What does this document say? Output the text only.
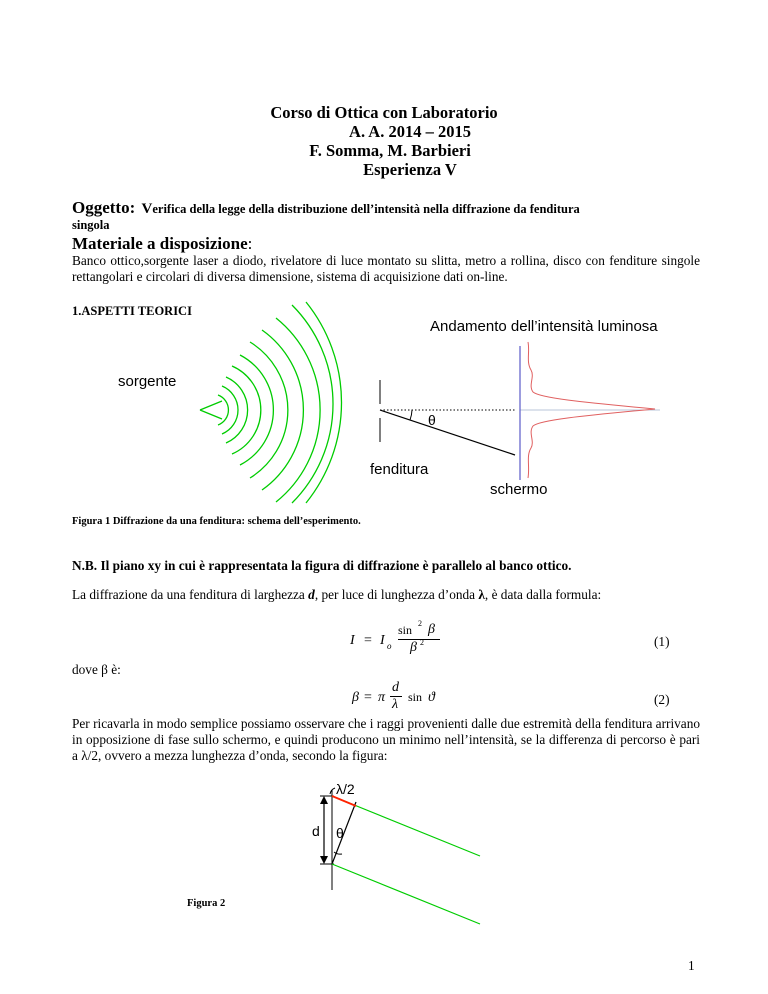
Corso di Ottica con Laboratorio
A. A. 2014 – 2015
F. Somma, M. Barbieri
Esperienza V
Oggetto: Verifica della legge della distribuzione dell’intensità nella diffrazione da fenditura
singola
Materiale a disposizione:
Banco ottico,sorgente laser a diodo, rivelatore di luce montato su slitta, metro a rollina, disco con fenditure singole rettangolari e circolari di diversa dimensione, sistema di acquisizione dati on-line.
1.ASPETTI TEORICI
Andamento dell’intensità luminosa
sorgente
θ
fenditura
schermo
Figura 1 Diffrazione da una fenditura: schema dell’esperimento.
N.B. Il piano xy in cui è rappresentata la figura di diffrazione è parallelo al banco ottico.
La diffrazione da una fenditura di larghezza d, per luce di lunghezza d’onda λ, è data dalla formula:
I = I o
sin 2 β
β 2	(1)
dove β è:
β = π
d
λ sin ϑ	(2)
Per ricavarla in modo semplice possiamo osservare che i raggi provenienti dalle due estremità della fenditura arrivano in opposizione di fase sullo schermo, e quindi producono un minimo nell’intensità, se la differenza di percorso è pari a λ/2, ovvero a mezza lunghezza d’onda, secondo la figura:
λ/2
d θ
Figura 2
1
